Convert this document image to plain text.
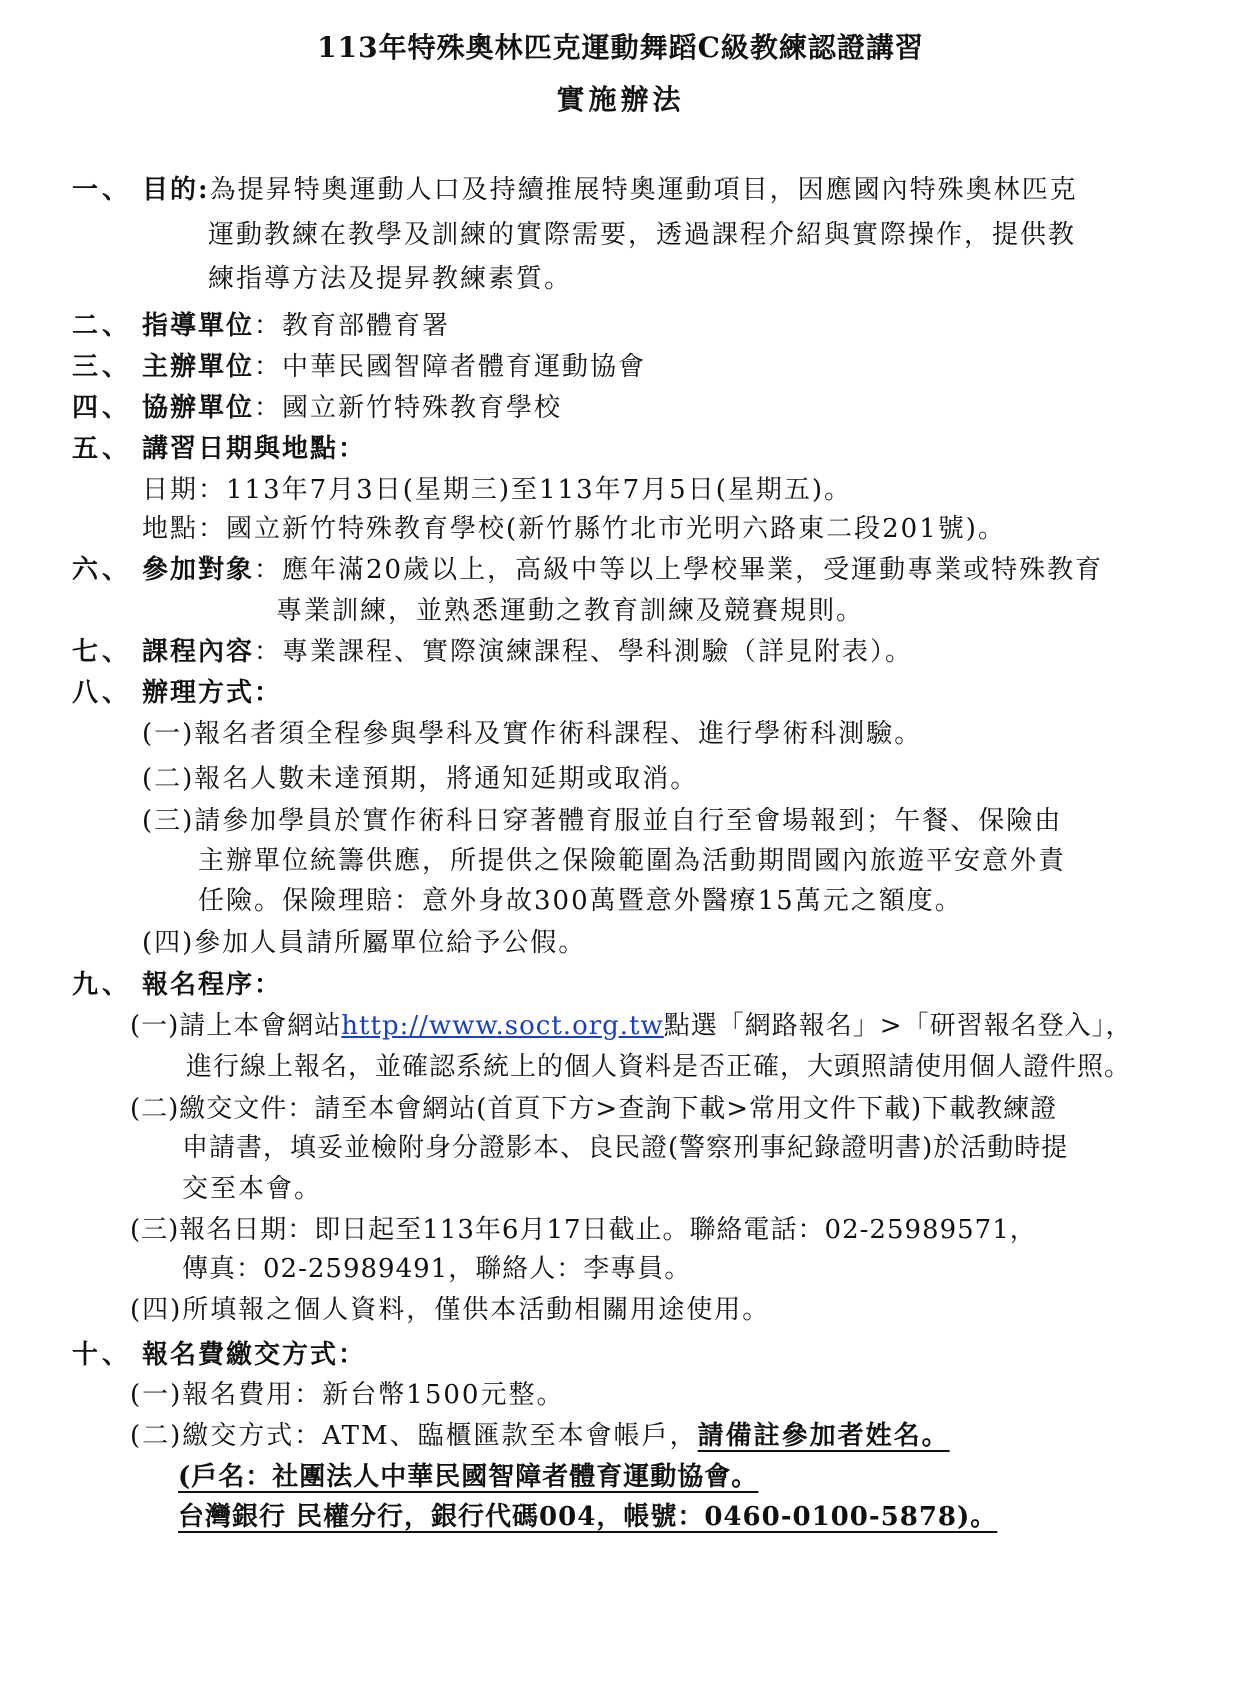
113年特殊奧林匹克運動舞蹈C級教練認證講習
實施辦法
一、 目的:為提昇特奧運動人口及持續推展特奧運動項目，因應國內特殊奧林匹克
運動教練在教學及訓練的實際需要，透過課程介紹與實際操作，提供教
練指導方法及提昇教練素質。
二、 指導單位：教育部體育署
三、 主辦單位：中華民國智障者體育運動協會
四、 協辦單位：國立新竹特殊教育學校
五、 講習日期與地點：
日期：113年7月3日(星期三)至113年7月5日(星期五)。
地點：國立新竹特殊教育學校(新竹縣竹北市光明六路東二段201號)。
六、 參加對象：應年滿20歲以上，高級中等以上學校畢業，受運動專業或特殊教育
專業訓練，並熟悉運動之教育訓練及競賽規則。
七、 課程內容：專業課程、實際演練課程、學科測驗（詳見附表）。
八、 辦理方式：
(一)報名者須全程參與學科及實作術科課程、進行學術科測驗。
(二)報名人數未達預期，將通知延期或取消。
(三)請參加學員於實作術科日穿著體育服並自行至會場報到；午餐、保險由
主辦單位統籌供應，所提供之保險範圍為活動期間國內旅遊平安意外責
任險。保險理賠：意外身故300萬暨意外醫療15萬元之額度。
(四)參加人員請所屬單位給予公假。
九、 報名程序：
(一)請上本會網站http://www.soct.org.tw點選「網路報名」>「研習報名登入」，
進行線上報名，並確認系統上的個人資料是否正確，大頭照請使用個人證件照。
(二)繳交文件：請至本會網站(首頁下方>查詢下載>常用文件下載)下載教練證
申請書，填妥並檢附身分證影本、良民證(警察刑事紀錄證明書)於活動時提
交至本會。
(三)報名日期：即日起至113年6月17日截止。聯絡電話：02-25989571，
傳真：02-25989491，聯絡人：李專員。
(四)所填報之個人資料，僅供本活動相關用途使用。
十、 報名費繳交方式：
(一)報名費用：新台幣1500元整。
(二)繳交方式：ATM、臨櫃匯款至本會帳戶，請備註參加者姓名。
(戶名：社團法人中華民國智障者體育運動協會。
台灣銀行 民權分行，銀行代碼004，帳號：0460-0100-5878)。
